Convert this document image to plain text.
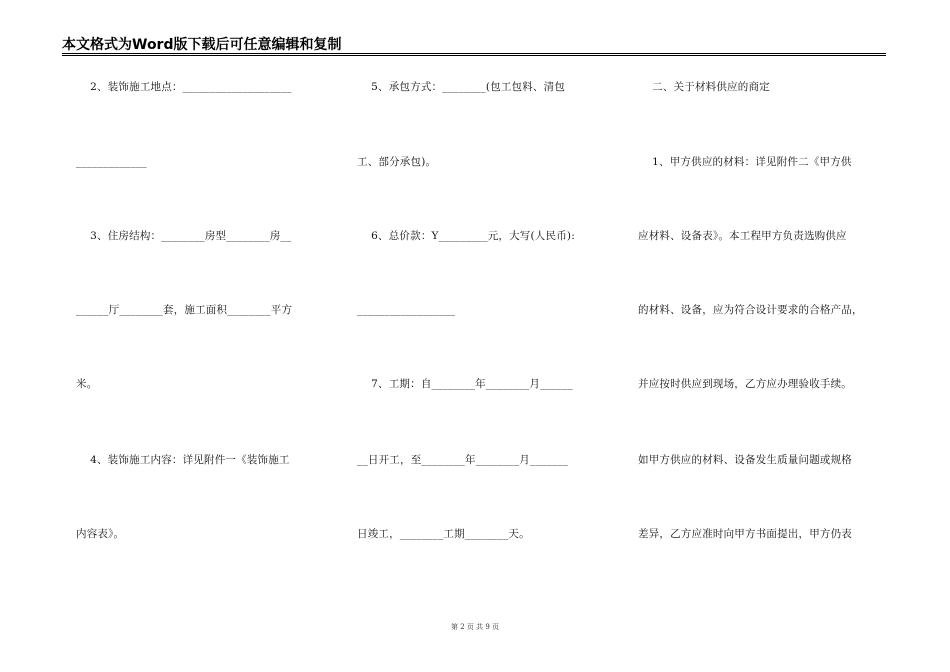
本文格式为Word版下载后可任意编辑和复制
2、装饰施工地点：____________________
_____________
3、住房结构：________房型________房__
______厅________套，施工面积________平方
米。
4、装饰施工内容：详见附件一《装饰施工
内容表》。
5、承包方式：________(包工包料、清包
工、部分承包)。
6、总价款：Y_________元，大写(人民币):
__________________
7、工期：自________年________月______
__日开工，至________年________月_______
日竣工，________工期________天。
二、关于材料供应的商定
1、甲方供应的材料：详见附件二《甲方供
应材料、设备表》。本工程甲方负责选购供应
的材料、设备，应为符合设计要求的合格产品，
并应按时供应到现场，乙方应办理验收手续。
如甲方供应的材料、设备发生质量问题或规格
差异，乙方应准时向甲方书面提出，甲方仍表
第 2 页 共 9 页
